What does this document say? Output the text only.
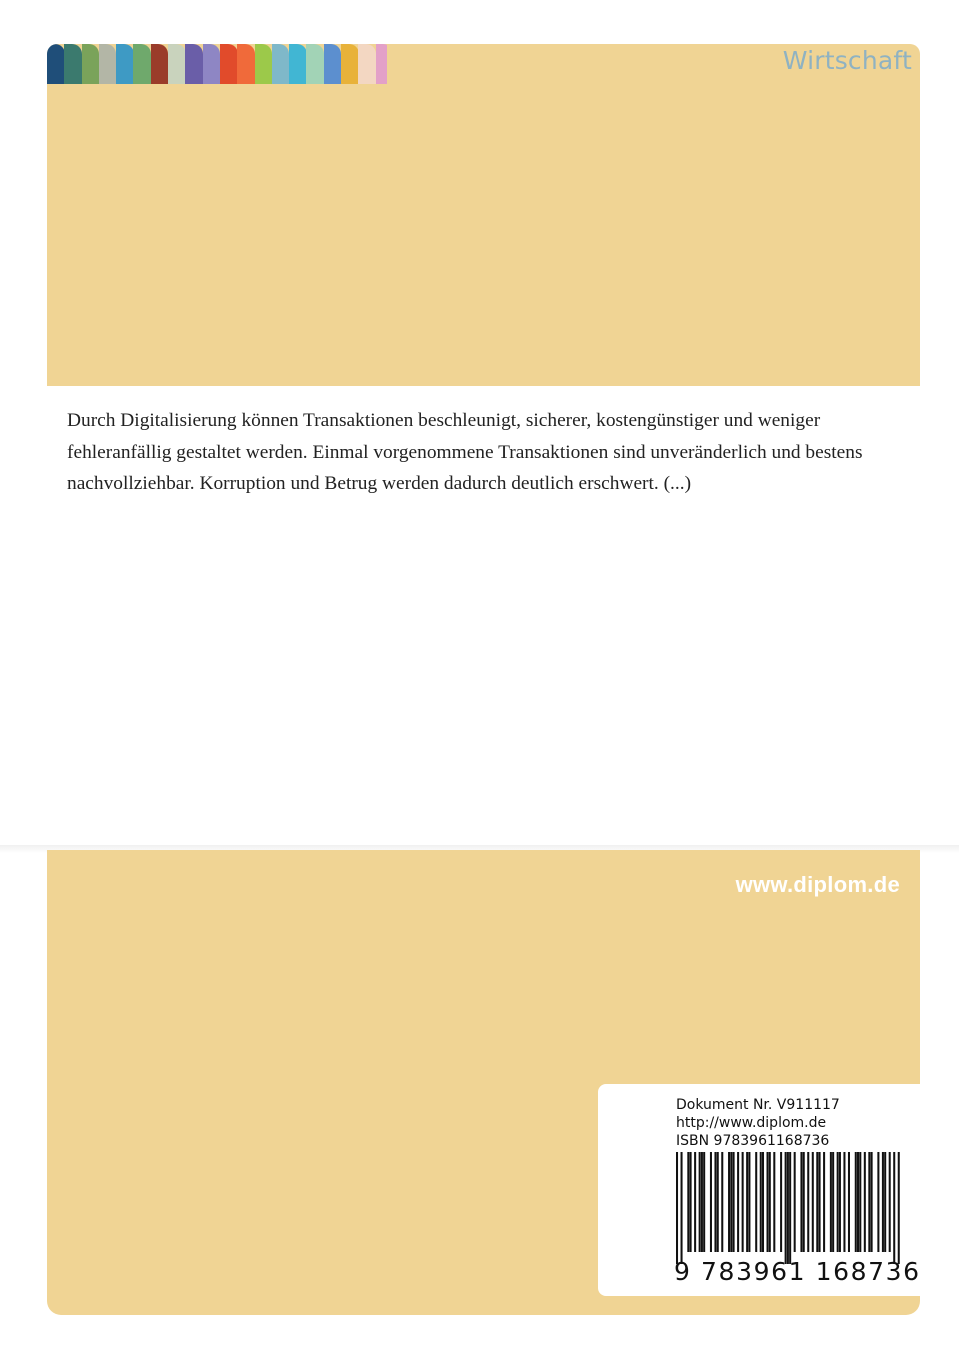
Wirtschaft

Durch Digitalisierung können Transaktionen beschleunigt, sicherer, kostengünstiger und weniger fehleranfällig gestaltet werden. Einmal vorgenommene Transaktionen sind unveränderlich und bestens nachvollziehbar. Korruption und Betrug werden dadurch deutlich erschwert. (...)

www.diplom.de
Dokument Nr. V911117
http://www.diplom.de
ISBN 9783961168736
9 783961 168736
